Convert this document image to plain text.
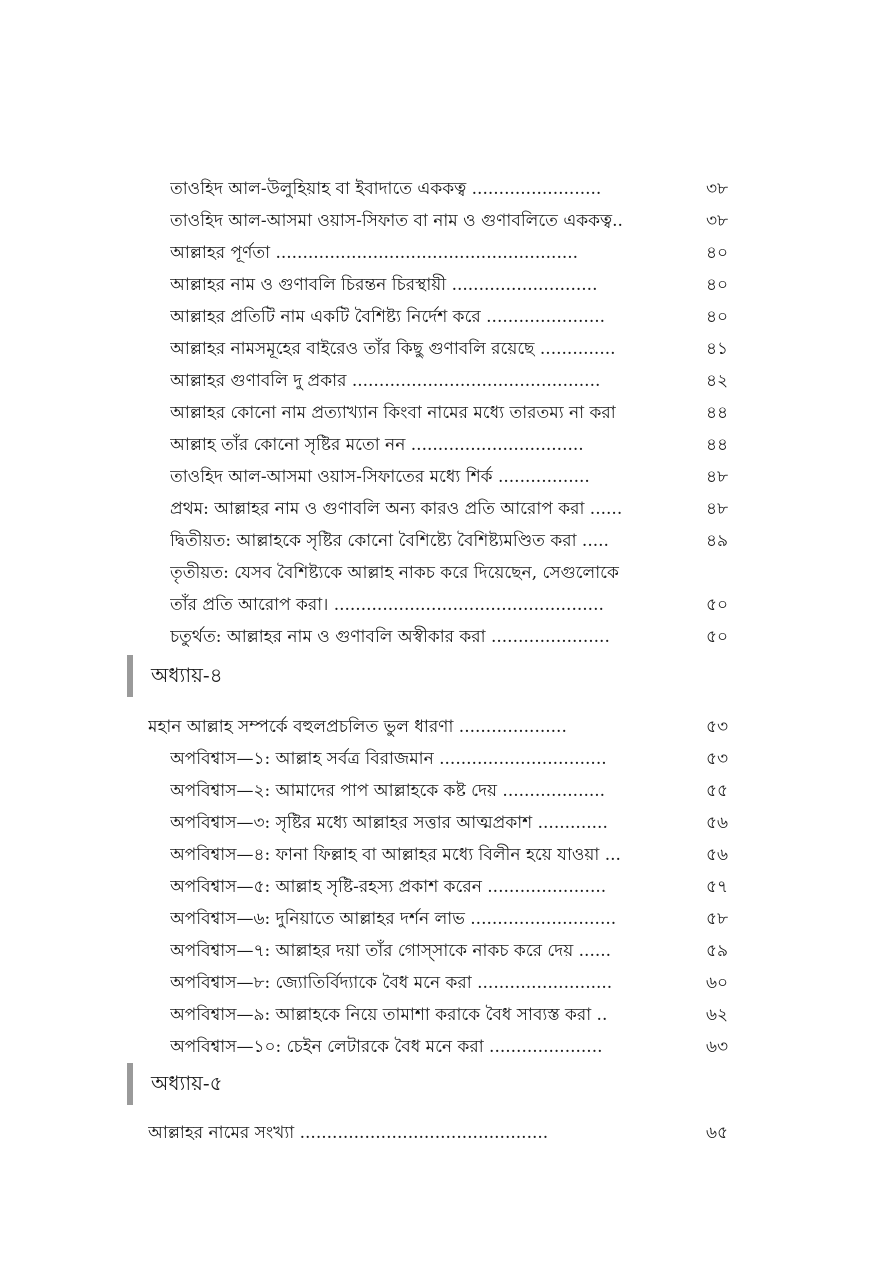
তাওহিদ আল-উলুহিয়াহ বা ইবাদাতে এককত্ব ........................	৩৮
তাওহিদ আল-আসমা ওয়াস-সিফাত বা নাম ও গুণাবলিতে এককত্ব..	৩৮
আল্লাহর পূর্ণতা ........................................................	৪০
আল্লাহর নাম ও গুণাবলি চিরন্তন চিরস্থায়ী ...........................	৪০
আল্লাহর প্রতিটি নাম একটি বৈশিষ্ট্য নির্দেশ করে ......................	৪০
আল্লাহর নামসমূহের বাইরেও তাঁর কিছু গুণাবলি রয়েছে ..............	৪১
আল্লাহর গুণাবলি দু প্রকার ..............................................	৪২
আল্লাহর কোনো নাম প্রত্যাখ্যান কিংবা নামের মধ্যে তারতম্য না করা	৪৪
আল্লাহ তাঁর কোনো সৃষ্টির মতো নন ................................	৪৪
তাওহিদ আল-আসমা ওয়াস-সিফাতের মধ্যে শির্ক .................	৪৮
প্রথম: আল্লাহর নাম ও গুণাবলি অন্য কারও প্রতি আরোপ করা ......	৪৮
দ্বিতীয়ত: আল্লাহকে সৃষ্টির কোনো বৈশিষ্ট্যে বৈশিষ্ট্যমণ্ডিত করা .....	৪৯
তৃতীয়ত: যেসব বৈশিষ্ট্যকে আল্লাহ নাকচ করে দিয়েছেন, সেগুলোকে
তাঁর প্রতি আরোপ করা। ..................................................	৫০
চতুর্থত: আল্লাহর নাম ও গুণাবলি অস্বীকার করা ......................	৫০
অধ্যায়-৪
মহান আল্লাহ সম্পর্কে বহুলপ্রচলিত ভুল ধারণা ....................	৫৩
অপবিশ্বাস—১: আল্লাহ সর্বত্র বিরাজমান ...............................	৫৩
অপবিশ্বাস—২: আমাদের পাপ আল্লাহকে কষ্ট দেয় ...................	৫৫
অপবিশ্বাস—৩: সৃষ্টির মধ্যে আল্লাহর সত্তার আত্মপ্রকাশ .............	৫৬
অপবিশ্বাস—৪: ফানা ফিল্লাহ বা আল্লাহর মধ্যে বিলীন হয়ে যাওয়া ...	৫৬
অপবিশ্বাস—৫: আল্লাহ সৃষ্টি-রহস্য প্রকাশ করেন ......................	৫৭
অপবিশ্বাস—৬: দুনিয়াতে আল্লাহর দর্শন লাভ ...........................	৫৮
অপবিশ্বাস—৭: আল্লাহর দয়া তাঁর গোস্সাকে নাকচ করে দেয় ......	৫৯
অপবিশ্বাস—৮: জ্যোতির্বিদ্যাকে বৈধ মনে করা .........................	৬০
অপবিশ্বাস—৯: আল্লাহকে নিয়ে তামাশা করাকে বৈধ সাব্যস্ত করা ..	৬২
অপবিশ্বাস—১০: চেইন লেটারকে বৈধ মনে করা .....................	৬৩
অধ্যায়-৫
আল্লাহর নামের সংখ্যা ..............................................	৬৫
